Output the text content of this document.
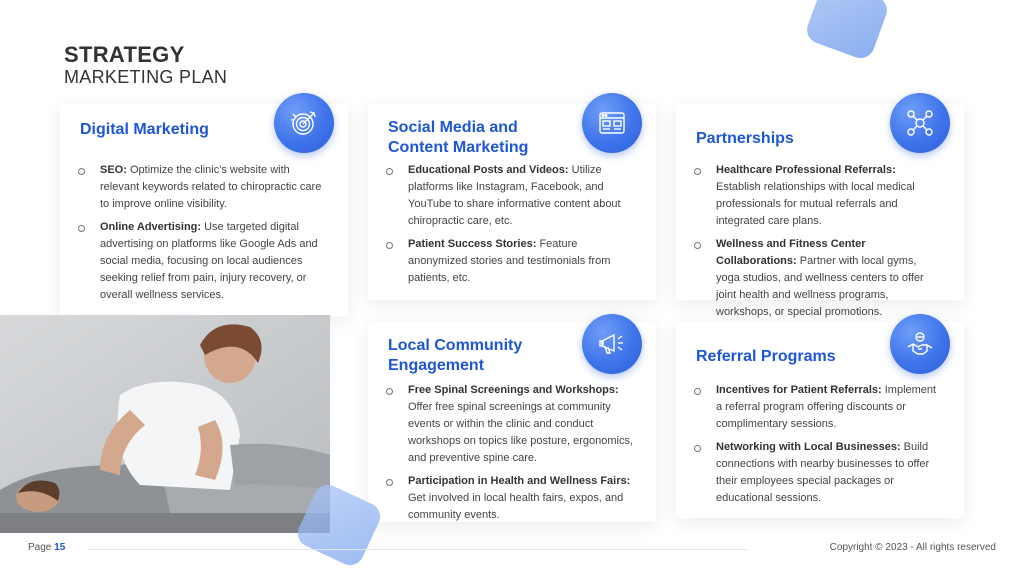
STRATEGY
MARKETING PLAN
Digital Marketing
SEO: Optimize the clinic's website with relevant keywords related to chiropractic care to improve online visibility.
Online Advertising: Use targeted digital advertising on platforms like Google Ads and social media, focusing on local audiences seeking relief from pain, injury recovery, or overall wellness services.
Social Media and Content Marketing
Educational Posts and Videos: Utilize platforms like Instagram, Facebook, and YouTube to share informative content about chiropractic care, etc.
Patient Success Stories: Feature anonymized stories and testimonials from patients, etc.
Partnerships
Healthcare Professional Referrals: Establish relationships with local medical professionals for mutual referrals and integrated care plans.
Wellness and Fitness Center Collaborations: Partner with local gyms, yoga studios, and wellness centers to offer joint health and wellness programs, workshops, or special promotions.
Local Community Engagement
Free Spinal Screenings and Workshops: Offer free spinal screenings at community events or within the clinic and conduct workshops on topics like posture, ergonomics, and preventive spine care.
Participation in Health and Wellness Fairs: Get involved in local health fairs, expos, and community events.
Referral Programs
Incentives for Patient Referrals: Implement a referral program offering discounts or complimentary sessions.
Networking with Local Businesses: Build connections with nearby businesses to offer their employees special packages or educational sessions.
Page 15	Copyright © 2023 - All rights reserved
